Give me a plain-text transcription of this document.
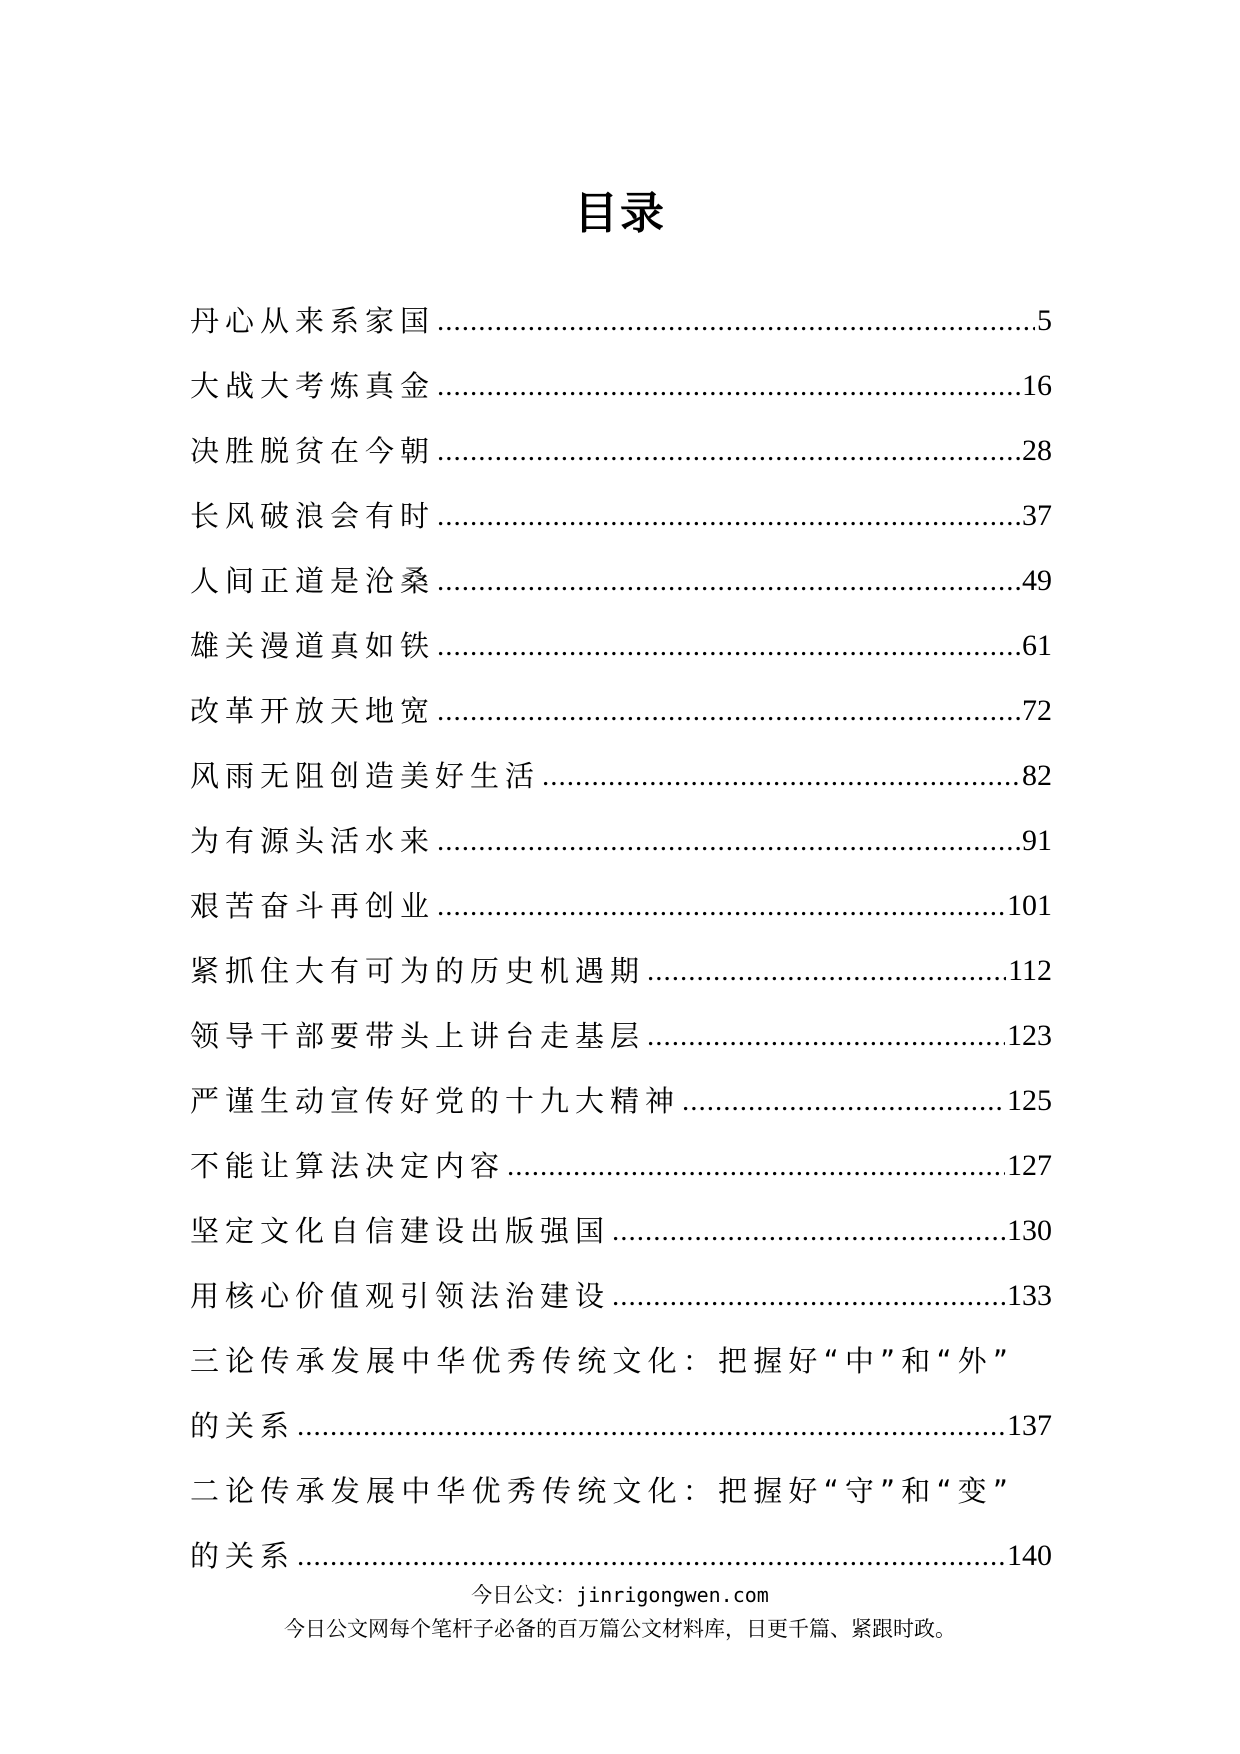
目录
丹心从来系家国 .....	5
大战大考炼真金 .....	16
决胜脱贫在今朝 .....	28
长风破浪会有时 .....	37
人间正道是沧桑 .....	49
雄关漫道真如铁 .....	61
改革开放天地宽 .....	72
风雨无阻创造美好生活 .....	82
为有源头活水来 .....	91
艰苦奋斗再创业 .....	101
紧抓住大有可为的历史机遇期 .....	112
领导干部要带头上讲台走基层 .....	123
严谨生动宣传好党的十九大精神 .....	125
不能让算法决定内容 .....	127
坚定文化自信建设出版强国 .....	130
用核心价值观引领法治建设 .....	133
三论传承发展中华优秀传统文化：把握好“中”和“外”
的关系 .....	137
二论传承发展中华优秀传统文化：把握好“守”和“变”
的关系 .....	140
今日公文：jinrigongwen.com
今日公文网每个笔杆子必备的百万篇公文材料库，日更千篇、紧跟时政。
